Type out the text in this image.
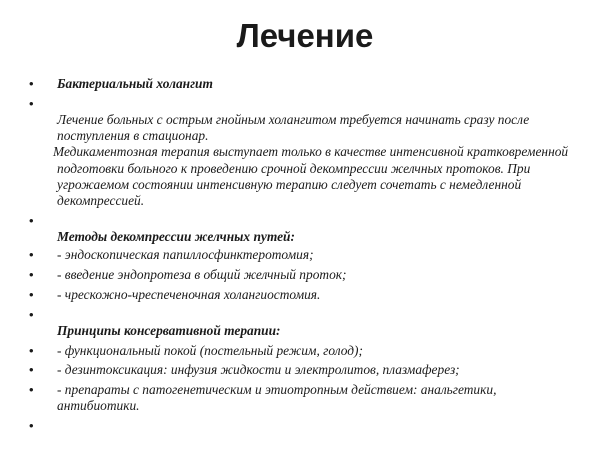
Лечение
• Бактериальный холангит
•

Лечение больных с острым гнойным холангитом требуется начинать сразу после поступления в стационар.
Медикаментозная терапия выступает только в качестве интенсивной кратковременной подготовки больного к проведению срочной декомпрессии желчных протоков. При угрожаемом состоянии интенсивную терапию следует сочетать с немедленной декомпрессией.
•

Методы декомпрессии желчных путей:
• - эндоскопическая папиллосфинктеротомия;
• - введение эндопротеза в общий желчный проток;
• - чрескожно-чреспеченочная холангиостомия.
•

Принципы консервативной терапии:
• - функциональный покой (постельный режим, голод);
• - дезинтоксикация: инфузия жидкости и электролитов, плазмаферез;
• - препараты с патогенетическим и этиотропным действием: анальгетики, антибиотики.
•
